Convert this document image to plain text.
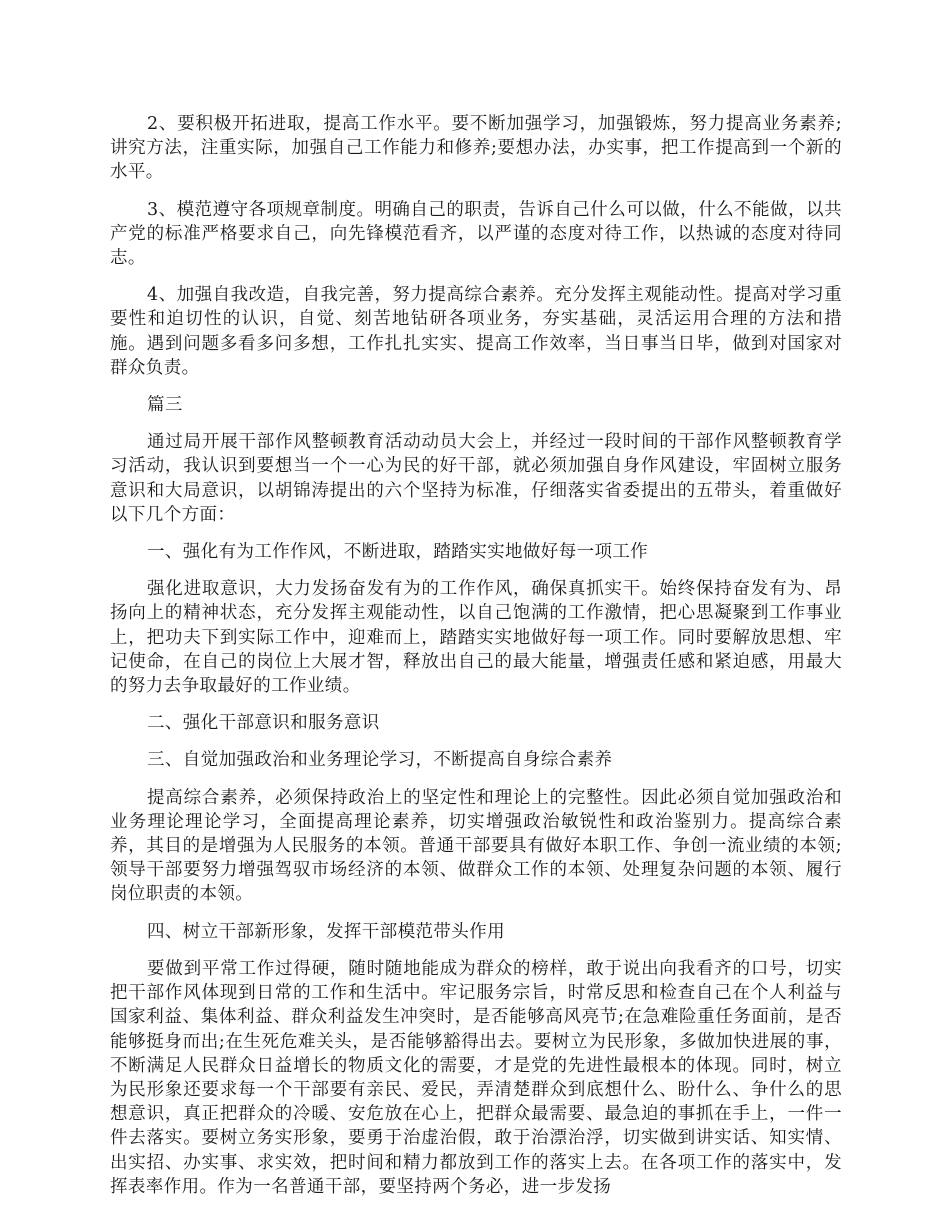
2、要积极开拓进取，提高工作水平。要不断加强学习，加强锻炼，努力提高业务素养;讲究方法，注重实际，加强自己工作能力和修养;要想办法，办实事，把工作提高到一个新的水平。

3、模范遵守各项规章制度。明确自己的职责，告诉自己什么可以做，什么不能做，以共产党的标准严格要求自己，向先锋模范看齐，以严谨的态度对待工作，以热诚的态度对待同志。

4、加强自我改造，自我完善，努力提高综合素养。充分发挥主观能动性。提高对学习重要性和迫切性的认识，自觉、刻苦地钻研各项业务，夯实基础，灵活运用合理的方法和措施。遇到问题多看多问多想，工作扎扎实实、提高工作效率，当日事当日毕，做到对国家对群众负责。

篇三

通过局开展干部作风整顿教育活动动员大会上，并经过一段时间的干部作风整顿教育学习活动，我认识到要想当一个一心为民的好干部，就必须加强自身作风建设，牢固树立服务意识和大局意识，以胡锦涛提出的六个坚持为标准，仔细落实省委提出的五带头，着重做好以下几个方面：

一、强化有为工作作风，不断进取，踏踏实实地做好每一项工作

强化进取意识，大力发扬奋发有为的工作作风，确保真抓实干。始终保持奋发有为、昂扬向上的精神状态，充分发挥主观能动性，以自己饱满的工作激情，把心思凝聚到工作事业上，把功夫下到实际工作中，迎难而上，踏踏实实地做好每一项工作。同时要解放思想、牢记使命，在自己的岗位上大展才智，释放出自己的最大能量，增强责任感和紧迫感，用最大的努力去争取最好的工作业绩。

二、强化干部意识和服务意识

三、自觉加强政治和业务理论学习，不断提高自身综合素养

提高综合素养，必须保持政治上的坚定性和理论上的完整性。因此必须自觉加强政治和业务理论理论学习，全面提高理论素养，切实增强政治敏锐性和政治鉴别力。提高综合素养，其目的是增强为人民服务的本领。普通干部要具有做好本职工作、争创一流业绩的本领;领导干部要努力增强驾驭市场经济的本领、做群众工作的本领、处理复杂问题的本领、履行岗位职责的本领。

四、树立干部新形象，发挥干部模范带头作用

要做到平常工作过得硬，随时随地能成为群众的榜样，敢于说出向我看齐的口号，切实把干部作风体现到日常的工作和生活中。牢记服务宗旨，时常反思和检查自己在个人利益与国家利益、集体利益、群众利益发生冲突时，是否能够高风亮节;在急难险重任务面前，是否能够挺身而出;在生死危难关头，是否能够豁得出去。要树立为民形象，多做加快进展的事，不断满足人民群众日益增长的物质文化的需要，才是党的先进性最根本的体现。同时，树立为民形象还要求每一个干部要有亲民、爱民，弄清楚群众到底想什么、盼什么、争什么的思想意识，真正把群众的冷暖、安危放在心上，把群众最需要、最急迫的事抓在手上，一件一件去落实。要树立务实形象，要勇于治虚治假，敢于治漂治浮，切实做到讲实话、知实情、出实招、办实事、求实效，把时间和精力都放到工作的落实上去。在各项工作的落实中，发挥表率作用。作为一名普通干部，要坚持两个务必，进一步发扬
